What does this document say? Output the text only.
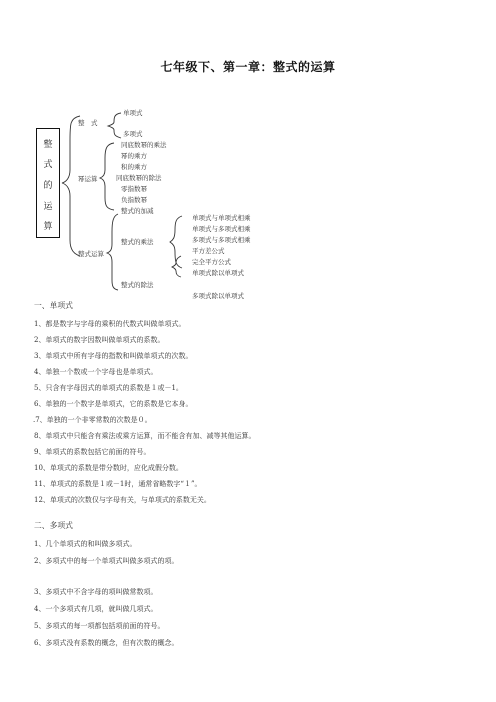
七年级下、第一章：整式的运算
整
式
的
运
算
整　式
单项式
多项式
幂运算
同底数幂的乘法
幂的乘方
积的乘方
同底数幂的除法
零指数幂
负指数幂
整式的加减
整式运算
整式的乘法
单项式与单项式相乘
单项式与多项式相乘
多项式与多项式相乘
平方差公式
完全平方公式
单项式除以单项式
整式的除法
多项式除以单项式
一、单项式
1、都是数字与字母的乘积的代数式叫做单项式。
2、单项式的数字因数叫做单项式的系数。
3、单项式中所有字母的指数和叫做单项式的次数。
4、单独一个数或一个字母也是单项式。
5、只含有字母因式的单项式的系数是１或－1。
6、单独的一个数字是单项式，它的系数是它本身。
.7、单独的一个非零常数的次数是０。
8、单项式中只能含有乘法或乘方运算，而不能含有加、减等其他运算。
9、单项式的系数包括它前面的符号。
10、单项式的系数是带分数时，应化成假分数。
11、单项式的系数是１或－1时，通常省略数字“１”。
12、单项式的次数仅与字母有关，与单项式的系数无关。
二、多项式
1、几个单项式的和叫做多项式。
2、多项式中的每一个单项式叫做多项式的项。
3、多项式中不含字母的项叫做常数项。
4、一个多项式有几项，就叫做几项式。
5、多项式的每一项都包括项前面的符号。
6、多项式没有系数的概念，但有次数的概念。
